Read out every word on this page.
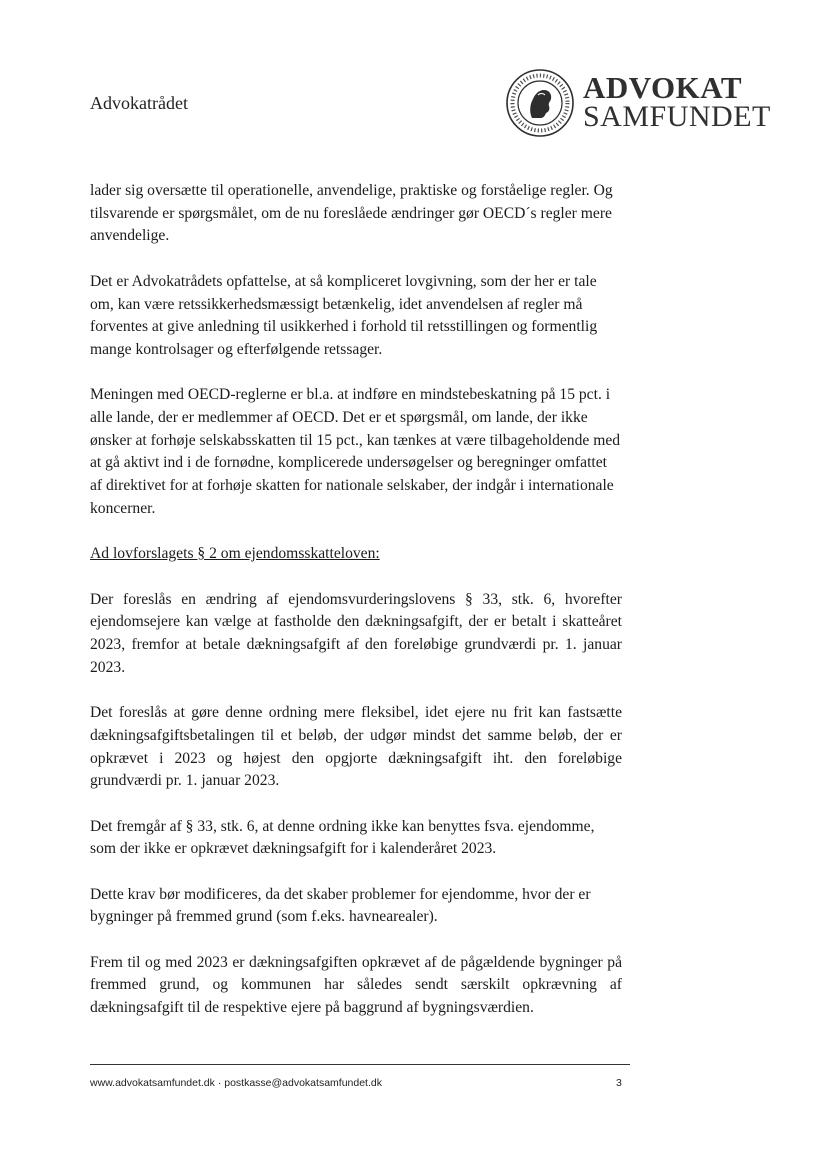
Advokatrådet	ADVOKAT
SAMFUNDET

lader sig oversætte til operationelle, anvendelige, praktiske og forståelige regler. Og tilsvarende er spørgsmålet, om de nu foreslåede ændringer gør OECD´s regler mere anvendelige.

Det er Advokatrådets opfattelse, at så kompliceret lovgivning, som der her er tale om, kan være retssikkerhedsmæssigt betænkelig, idet anvendelsen af regler må forventes at give anledning til usikkerhed i forhold til retsstillingen og formentlig mange kontrolsager og efterfølgende retssager.

Meningen med OECD-reglerne er bl.a. at indføre en mindstebeskatning på 15 pct. i alle lande, der er medlemmer af OECD. Det er et spørgsmål, om lande, der ikke ønsker at forhøje selskabsskatten til 15 pct., kan tænkes at være tilbageholdende med at gå aktivt ind i de fornødne, komplicerede undersøgelser og beregninger omfattet af direktivet for at forhøje skatten for nationale selskaber, der indgår i internationale koncerner.

Ad lovforslagets § 2 om ejendomsskatteloven:

Der foreslås en ændring af ejendomsvurderingslovens § 33, stk. 6, hvorefter ejendomsejere kan vælge at fastholde den dækningsafgift, der er betalt i skatteåret 2023, fremfor at betale dækningsafgift af den foreløbige grundværdi pr. 1. januar 2023.

Det foreslås at gøre denne ordning mere fleksibel, idet ejere nu frit kan fastsætte dækningsafgiftsbetalingen til et beløb, der udgør mindst det samme beløb, der er opkrævet i 2023 og højest den opgjorte dækningsafgift iht. den foreløbige grundværdi pr. 1. januar 2023.

Det fremgår af § 33, stk. 6, at denne ordning ikke kan benyttes fsva. ejendomme, som der ikke er opkrævet dækningsafgift for i kalenderåret 2023.

Dette krav bør modificeres, da det skaber problemer for ejendomme, hvor der er bygninger på fremmed grund (som f.eks. havnearealer).

Frem til og med 2023 er dækningsafgiften opkrævet af de pågældende bygninger på fremmed grund, og kommunen har således sendt særskilt opkrævning af dækningsafgift til de respektive ejere på baggrund af bygningsværdien.

www.advokatsamfundet.dk · postkasse@advokatsamfundet.dk	3
